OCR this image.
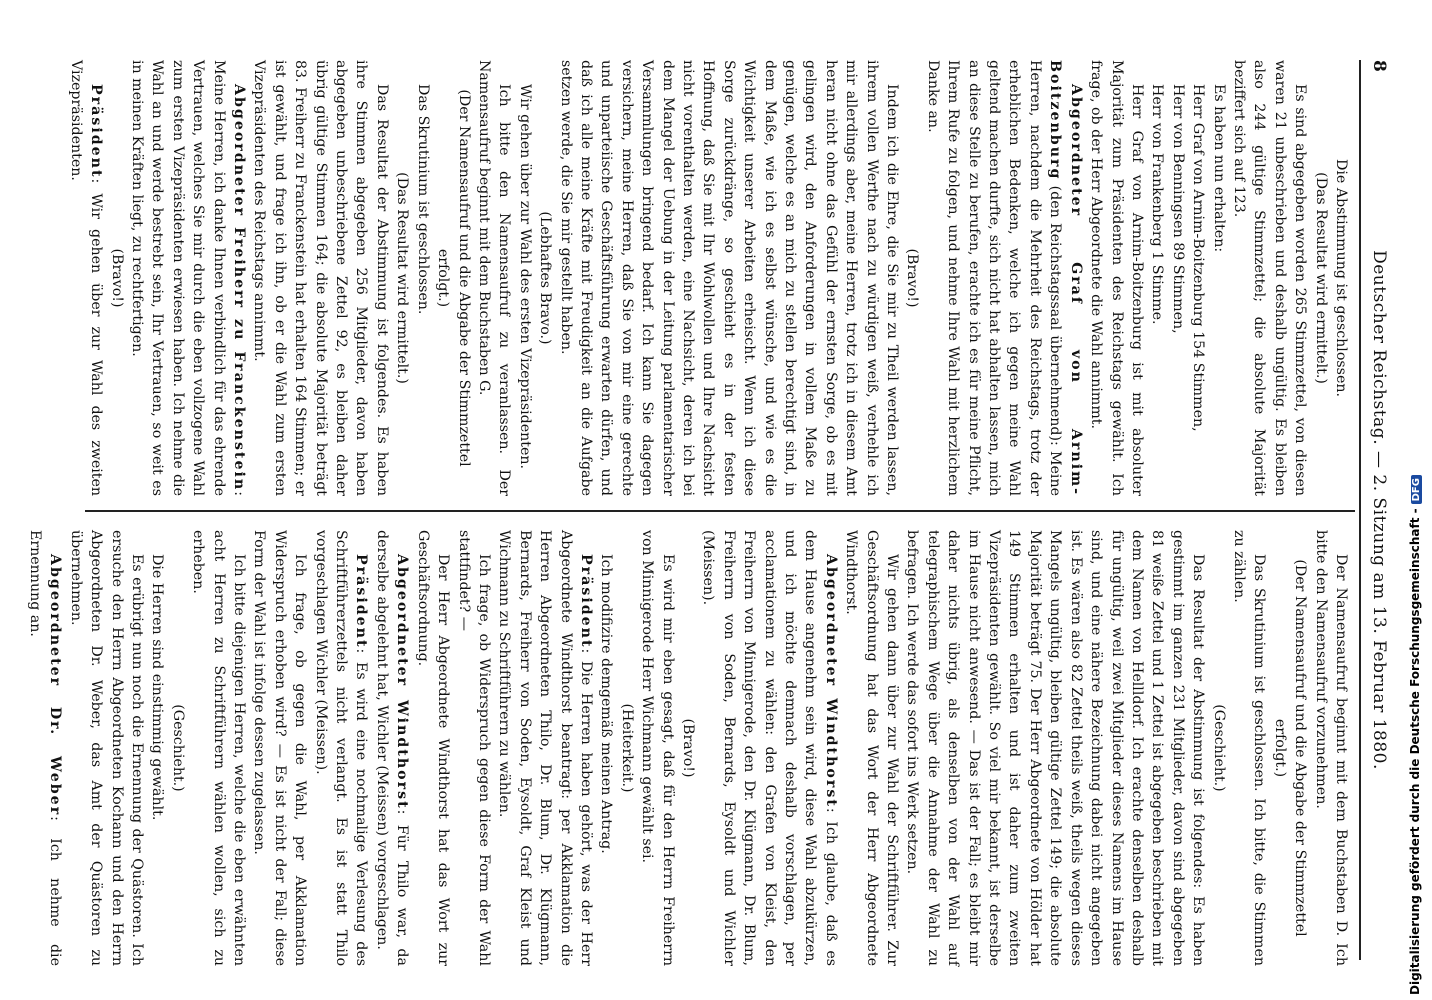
8
Deutscher Reichstag. — 2. Sitzung am 13. Februar 1880.

Die Abstimmung ist geschlossen.

(Das Resultat wird ermittelt.)

Es sind abgegeben worden 265 Stimmzettel, von diesen waren 21 unbeschrieben und deshalb ungültig. Es bleiben also 244 gültige Stimmzettel; die absolute Majorität beziffert sich auf 123.

Es haben nun erhalten:

Herr Graf von Arnim-Boitzenburg 154 Stimmen,

Herr von Benningsen 89 Stimmen,

Herr von Frankenberg 1 Stimme.

Herr Graf von Arnim-Boitzenburg ist mit absoluter Majorität zum Präsidenten des Reichstags gewählt. Ich frage, ob der Herr Abgeordnete die Wahl annimmt.

Abgeordneter Graf von Arnim-Boitzenburg (den Reichstagssaal übernehmend): Meine Herren, nachdem die Mehrheit des Reichstags, trotz der erheblichen Bedenken, welche ich gegen meine Wahl geltend machen durfte, sich nicht hat abhalten lassen, mich an diese Stelle zu berufen, erachte ich es für meine Pflicht, Ihrem Rufe zu folgen, und nehme Ihre Wahl mit herzlichem Danke an.

(Bravo!)

Indem ich die Ehre, die Sie mir zu Theil werden lassen, ihrem vollen Werthe nach zu würdigen weiß, verhehle ich mir allerdings aber, meine Herren, trotz ich in diesem Amt heran nicht ohne das Gefühl der ernsten Sorge, ob es mit gelingen wird, den Anforderungen in vollem Maße zu genügen, welche es an mich zu stellen berechtigt sind, in dem Maße, wie ich es selbst wünsche, und wie es die Wichtigkeit unserer Arbeiten erheischt. Wenn ich diese Sorge zurückdränge, so geschieht es in der festen Hoffnung, daß Sie mit Ihr Wohlwollen und Ihre Nachsicht nicht vorenthalten werden, eine Nachsicht, deren ich bei dem Mangel der Uebung in der Leitung parlamentarischer Versammlungen bringend bedarf. Ich kann Sie dagegen versichern, meine Herren, daß Sie von mir eine gerechte und unparteiische Geschäftsführung erwarten dürfen, und daß ich alle meine Kräfte mit Freudigkeit an die Aufgabe setzen werde, die Sie mir gestellt haben.

(Lebhaftes Bravo.)

Wir gehen über zur Wahl des ersten Vizepräsidenten.

Ich bitte den Namensaufruf zu veranlassen. Der Namensaufruf beginnt mit dem Buchstaben G.

(Der Namensaufruf und die Abgabe der Stimmzettel erfolgt.)

Das Skrutinium ist geschlossen.

(Das Resultat wird ermittelt.)

Das Resultat der Abstimmung ist folgendes. Es haben ihre Stimmen abgegeben 256 Mitglieder, davon haben abgegeben unbeschriebene Zettel 92, es bleiben daher übrig gültige Stimmen 164; die absolute Majorität beträgt 83. Freiherr zu Franckenstein hat erhalten 164 Stimmen; er ist gewählt, und frage ich ihn, ob er die Wahl zum ersten Vizepräsidenten des Reichstags annimmt.

Abgeordneter Freiherr zu Franckenstein: Meine Herren, ich danke Ihnen verbindlich für das ehrende Vertrauen, welches Sie mir durch die eben vollzogene Wahl zum ersten Vizepräsidenten erwiesen haben. Ich nehme die Wahl an und werde bestrebt sein, Ihr Vertrauen, so weit es in meinen Kräften liegt, zu rechtfertigen.

(Bravo!)

Präsident: Wir gehen über zur Wahl des zweiten Vizepräsidenten.

Der Namensaufruf beginnt mit dem Buchstaben D. Ich bitte den Namensaufruf vorzunehmen.

(Der Namensaufruf und die Abgabe der Stimmzettel erfolgt.)

Das Skrutinium ist geschlossen. Ich bitte, die Stimmen zu zählen.

(Geschieht.)

Das Resultat der Abstimmung ist folgendes: Es haben gestimmt im ganzen 231 Mitglieder, davon sind abgegeben 81 weiße Zettel und 1 Zettel ist abgegeben beschrieben mit dem Namen von Hellldorf. Ich erachte denselben deshalb für ungültig, weil zwei Mitglieder dieses Namens im Hause sind, und eine nähere Bezeichnung dabei nicht angegeben ist. Es wären also 82 Zettel theils weiß, theils wegen dieses Mangels ungültig, bleiben gültige Zettel 149; die absolute Majorität beträgt 75. Der Herr Abgeordnete von Hölder hat 149 Stimmen erhalten und ist daher zum zweiten Vizepräsidenten gewählt. So viel mir bekannt, ist derselbe im Hause nicht anwesend. — Das ist der Fall; es bleibt mir daher nichts übrig, als denselben von der Wahl auf telegraphischem Wege über die Annahme der Wahl zu befragen. Ich werde das sofort ins Werk setzen.

Wir gehen dann über zur Wahl der Schriftführer. Zur Geschäftsordnung hat das Wort der Herr Abgeordnete Windthorst.

Abgeordneter Windthorst: Ich glaube, daß es dem Hause angenehm sein wird, diese Wahl abzukürzen, und ich möchte demnach deshalb vorschlagen, per acclamationem zu wählen: den Grafen von Kleist, den Freiherrn von Minnigerode, den Dr. Klügmann, Dr. Blum, Freiherrn von Soden, Bernards, Eysoldt und Wichler (Meissen).

(Bravo!)

Es wird mir eben gesagt, daß für den Herrn Freiherrn von Minnigerode Herr Wichmann gewählt sei.

(Heiterkeit.)

Ich modifizire demgemäß meinen Antrag.

Präsident: Die Herren haben gehört, was der Herr Abgeordnete Windthorst beantragt: per Akklamation die Herren Abgeordneten Thilo, Dr. Blum, Dr. Klügmann, Bernards, Freiherr von Soden, Eysoldt, Graf Kleist und Wichmann zu Schriftführern zu wählen.

Ich frage, ob Widerspruch gegen diese Form der Wahl stattfindet? —

Der Herr Abgeordnete Windthorst hat das Wort zur Geschäftsordnung.

Abgeordneter Windthorst: Für Thilo war, da derselbe abgelehnt hat, Wichler (Meissen) vorgeschlagen.

Präsident: Es wird eine nochmalige Verlesung des Schriftführerzettels nicht verlangt. Es ist statt Thilo vorgeschlagen Wichler (Meissen).

Ich frage, ob gegen die Wahl, per Akklamation Widerspruch erhoben wird? — Es ist nicht der Fall; diese Form der Wahl ist infolge dessen zugelassen.

Ich bitte diejenigen Herren, welche die eben erwähnten acht Herren zu Schriftführern wählen wollen, sich zu erheben.

(Geschieht.)

Die Herren sind einstimmig gewählt.

Es erübrigt nun noch die Ernennung der Quästoren. Ich ersuche den Herrn Abgeordneten Kochann und den Herrn Abgeordneten Dr. Weber, das Amt der Quästoren zu übernehmen.

Abgeordneter Dr. Weber: Ich nehme die Ernennung an.	Digitalisierung gefördert durch die Deutsche Forschungsgemeinschaft -DFG
